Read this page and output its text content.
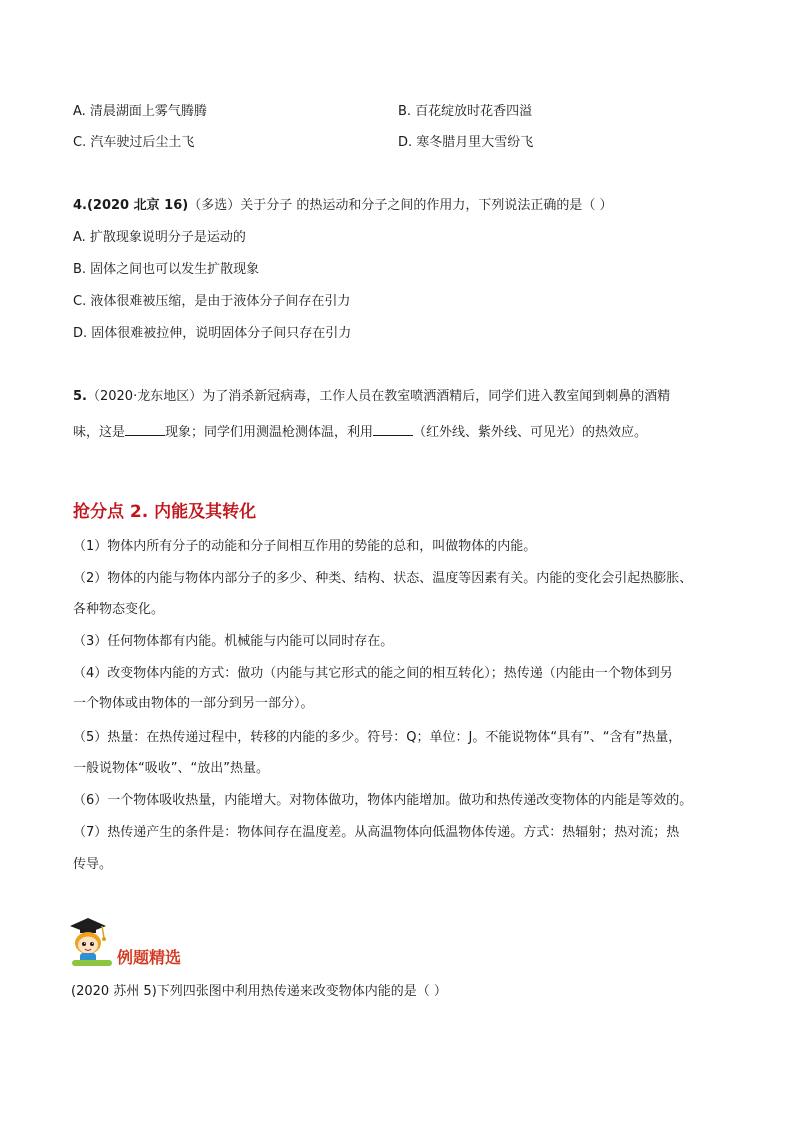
A. 清晨湖面上雾气腾腾	B. 百花绽放时花香四溢
C. 汽车驶过后尘土飞	D. 寒冬腊月里大雪纷飞
4.(2020 北京 16)（多选）关于分子 的热运动和分子之间的作用力，下列说法正确的是（ ）
A. 扩散现象说明分子是运动的
B. 固体之间也可以发生扩散现象
C. 液体很难被压缩，是由于液体分子间存在引力
D. 固体很难被拉伸，说明固体分子间只存在引力
5.（2020·龙东地区）为了消杀新冠病毒，工作人员在教室喷洒酒精后，同学们进入教室闻到刺鼻的酒精
味，这是	现象；同学们用测温枪测体温，利用	（红外线、紫外线、可见光）的热效应。
抢分点 2. 内能及其转化
（1）物体内所有分子的动能和分子间相互作用的势能的总和，叫做物体的内能。
（2）物体的内能与物体内部分子的多少、种类、结构、状态、温度等因素有关。内能的变化会引起热膨胀、
各种物态变化。
（3）任何物体都有内能。机械能与内能可以同时存在。
（4）改变物体内能的方式：做功（内能与其它形式的能之间的相互转化）；热传递（内能由一个物体到另
一个物体或由物体的一部分到另一部分）。
（5）热量：在热传递过程中，转移的内能的多少。符号：Q；单位：J。不能说物体“具有”、“含有”热量，
一般说物体“吸收”、“放出”热量。
（6）一个物体吸收热量，内能增大。对物体做功，物体内能增加。做功和热传递改变物体的内能是等效的。
（7）热传递产生的条件是：物体间存在温度差。从高温物体向低温物体传递。方式：热辐射；热对流；热
传导。
例题精选
(2020 苏州 5)下列四张图中利用热传递来改变物体内能的是（ ）
